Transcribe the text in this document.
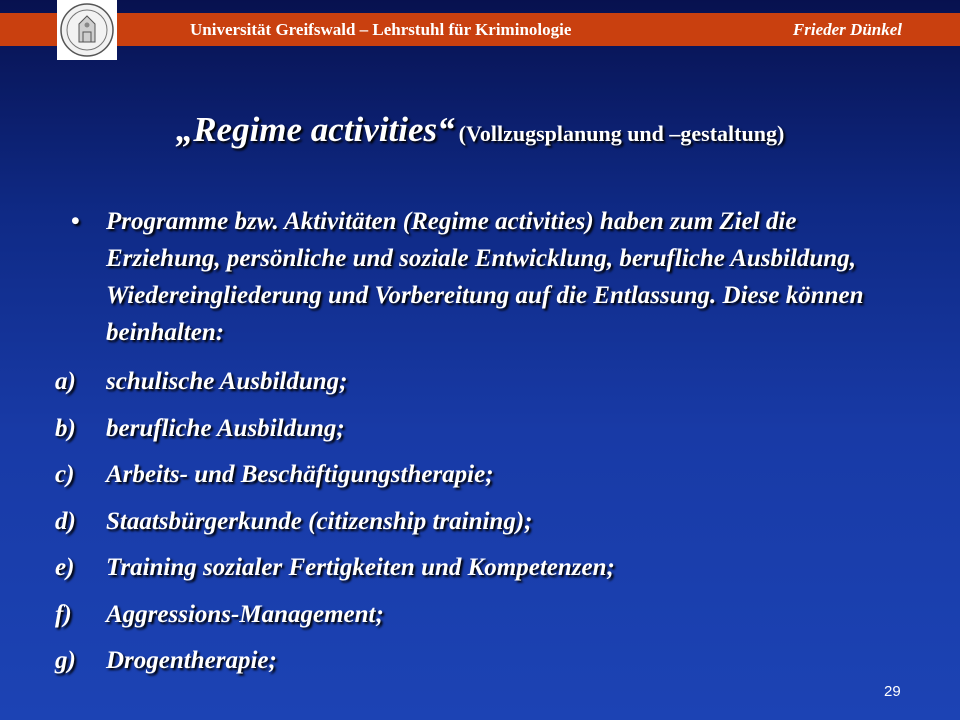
Universität Greifswald – Lehrstuhl für Kriminologie	Frieder Dünkel
„Regime activities“ (Vollzugsplanung und –gestaltung)
• Programme bzw. Aktivitäten (Regime activities) haben zum Ziel die Erziehung, persönliche und soziale Entwicklung, berufliche Ausbildung, Wiedereingliederung und Vorbereitung auf die Entlassung. Diese können beinhalten:
a) schulische Ausbildung;
b) berufliche Ausbildung;
c) Arbeits- und Beschäftigungstherapie;
d) Staatsbürgerkunde (citizenship training);
e) Training sozialer Fertigkeiten und Kompetenzen;
f) Aggressions-Management;
g) Drogentherapie;
29
